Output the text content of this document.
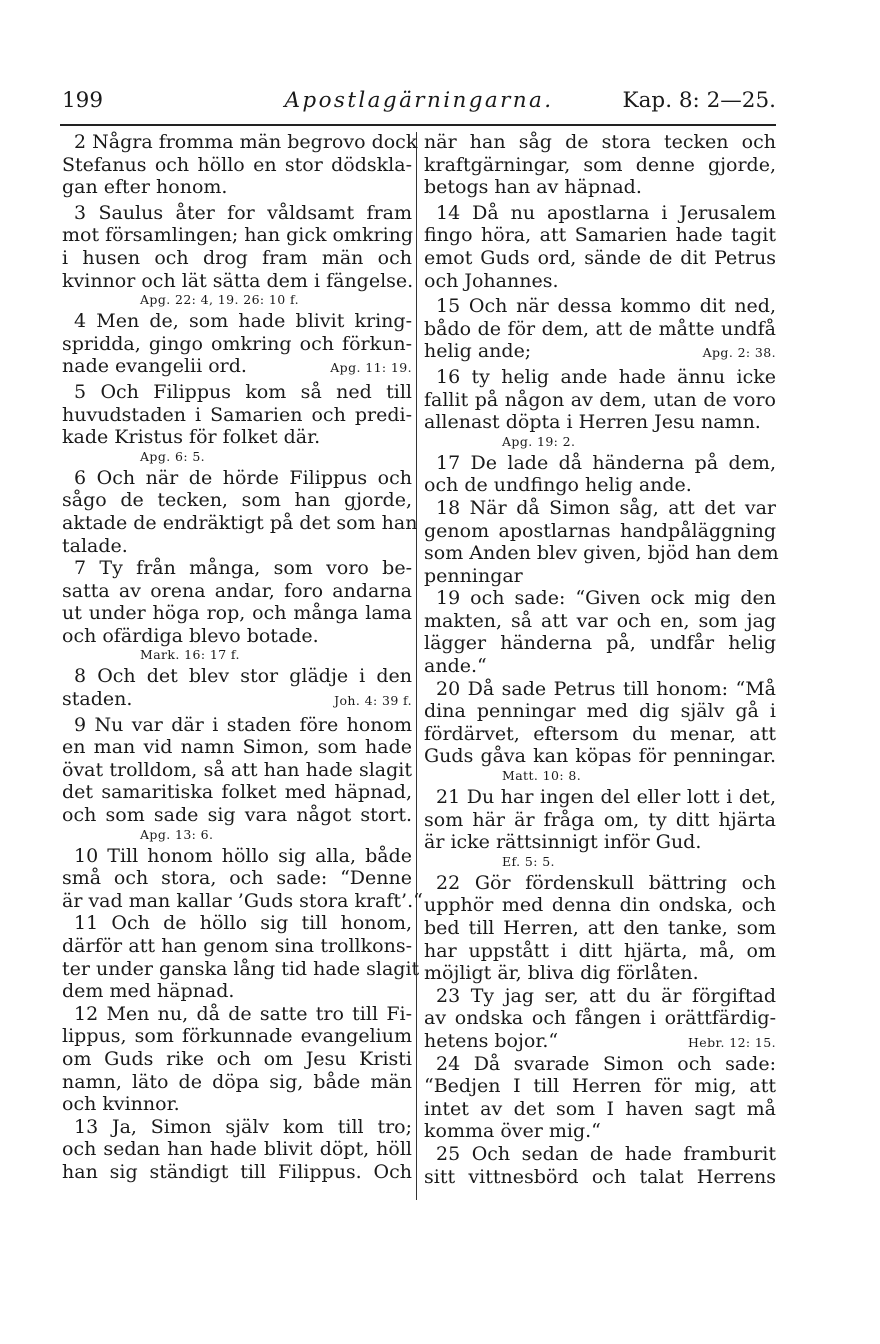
199	Apostlagärningarna.	Kap. 8: 2—25.
2 Några fromma män begrovo dock
Stefanus och höllo en stor dödskla-
gan efter honom.
3 Saulus åter for våldsamt fram
mot församlingen; han gick omkring
i husen och drog fram män och
kvinnor och lät sätta dem i fängelse.
Apg. 22: 4, 19. 26: 10 f.
4 Men de, som hade blivit kring-
spridda, gingo omkring och förkun-
nade evangelii ord.	Apg. 11: 19.
5 Och Filippus kom så ned till
huvudstaden i Samarien och predi-
kade Kristus för folket där.
Apg. 6: 5.
6 Och när de hörde Filippus och
sågo de tecken, som han gjorde,
aktade de endräktigt på det som han
talade.
7 Ty från många, som voro be-
satta av orena andar, foro andarna
ut under höga rop, och många lama
och ofärdiga blevo botade.
Mark. 16: 17 f.
8 Och det blev stor glädje i den
staden.	Joh. 4: 39 f.
9 Nu var där i staden före honom
en man vid namn Simon, som hade
övat trolldom, så att han hade slagit
det samaritiska folket med häpnad,
och som sade sig vara något stort.
Apg. 13: 6.
10 Till honom höllo sig alla, både
små och stora, och sade: “Denne
är vad man kallar ’Guds stora kraft’.“
11 Och de höllo sig till honom,
därför att han genom sina trollkons-
ter under ganska lång tid hade slagit
dem med häpnad.
12 Men nu, då de satte tro till Fi-
lippus, som förkunnade evangelium
om Guds rike och om Jesu Kristi
namn, läto de döpa sig, både män
och kvinnor.
13 Ja, Simon själv kom till tro;
och sedan han hade blivit döpt, höll
han sig ständigt till Filippus. Och
när han såg de stora tecken och
kraftgärningar, som denne gjorde,
betogs han av häpnad.
14 Då nu apostlarna i Jerusalem
fingo höra, att Samarien hade tagit
emot Guds ord, sände de dit Petrus
och Johannes.
15 Och när dessa kommo dit ned,
bådo de för dem, att de måtte undfå
helig ande;	Apg. 2: 38.
16 ty helig ande hade ännu icke
fallit på någon av dem, utan de voro
allenast döpta i Herren Jesu namn.
Apg. 19: 2.
17 De lade då händerna på dem,
och de undfingo helig ande.
18 När då Simon såg, att det var
genom apostlarnas handpåläggning
som Anden blev given, bjöd han dem
penningar
19 och sade: “Given ock mig den
makten, så att var och en, som jag
lägger händerna på, undfår helig
ande.“
20 Då sade Petrus till honom: “Må
dina penningar med dig själv gå i
fördärvet, eftersom du menar, att
Guds gåva kan köpas för penningar.
Matt. 10: 8.
21 Du har ingen del eller lott i det,
som här är fråga om, ty ditt hjärta
är icke rättsinnigt inför Gud.
Ef. 5: 5.
22 Gör fördenskull bättring och
upphör med denna din ondska, och
bed till Herren, att den tanke, som
har uppstått i ditt hjärta, må, om
möjligt är, bliva dig förlåten.
23 Ty jag ser, att du är förgiftad
av ondska och fången i orättfärdig-
hetens bojor.“	Hebr. 12: 15.
24 Då svarade Simon och sade:
“Bedjen I till Herren för mig, att
intet av det som I haven sagt må
komma över mig.“
25 Och sedan de hade framburit
sitt vittnesbörd och talat Herrens
